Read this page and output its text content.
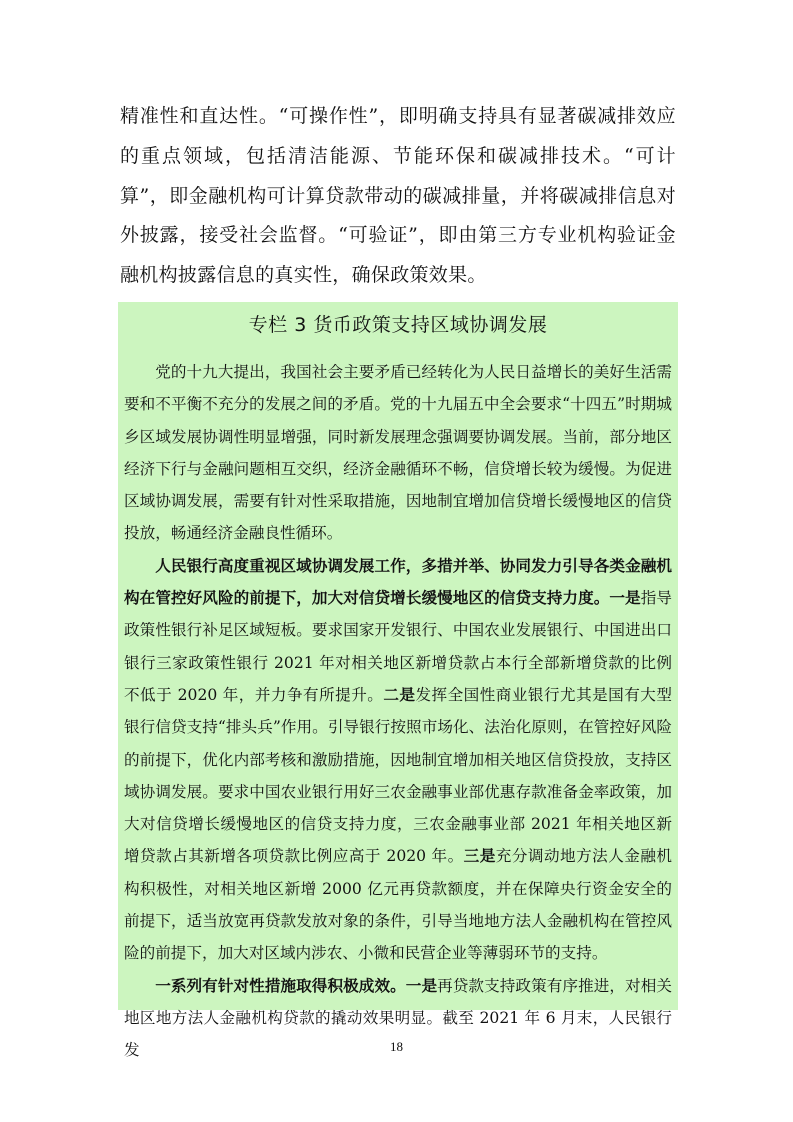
精准性和直达性。“可操作性”，即明确支持具有显著碳减排效应的重点领域，包括清洁能源、节能环保和碳减排技术。“可计算”，即金融机构可计算贷款带动的碳减排量，并将碳减排信息对外披露，接受社会监督。“可验证”，即由第三方专业机构验证金融机构披露信息的真实性，确保政策效果。

专栏 3 货币政策支持区域协调发展

党的十九大提出，我国社会主要矛盾已经转化为人民日益增长的美好生活需要和不平衡不充分的发展之间的矛盾。党的十九届五中全会要求“十四五”时期城乡区域发展协调性明显增强，同时新发展理念强调要协调发展。当前，部分地区经济下行与金融问题相互交织，经济金融循环不畅，信贷增长较为缓慢。为促进区域协调发展，需要有针对性采取措施，因地制宜增加信贷增长缓慢地区的信贷投放，畅通经济金融良性循环。

人民银行高度重视区域协调发展工作，多措并举、协同发力引导各类金融机构在管控好风险的前提下，加大对信贷增长缓慢地区的信贷支持力度。一是指导政策性银行补足区域短板。要求国家开发银行、中国农业发展银行、中国进出口银行三家政策性银行 2021 年对相关地区新增贷款占本行全部新增贷款的比例不低于 2020 年，并力争有所提升。二是发挥全国性商业银行尤其是国有大型银行信贷支持“排头兵”作用。引导银行按照市场化、法治化原则，在管控好风险的前提下，优化内部考核和激励措施，因地制宜增加相关地区信贷投放，支持区域协调发展。要求中国农业银行用好三农金融事业部优惠存款准备金率政策，加大对信贷增长缓慢地区的信贷支持力度，三农金融事业部 2021 年相关地区新增贷款占其新增各项贷款比例应高于 2020 年。三是充分调动地方法人金融机构积极性，对相关地区新增 2000 亿元再贷款额度，并在保障央行资金安全的前提下，适当放宽再贷款发放对象的条件，引导当地地方法人金融机构在管控风险的前提下，加大对区域内涉农、小微和民营企业等薄弱环节的支持。

一系列有针对性措施取得积极成效。一是再贷款支持政策有序推进，对相关地区地方法人金融机构贷款的撬动效果明显。截至 2021 年 6 月末，人民银行发	18
